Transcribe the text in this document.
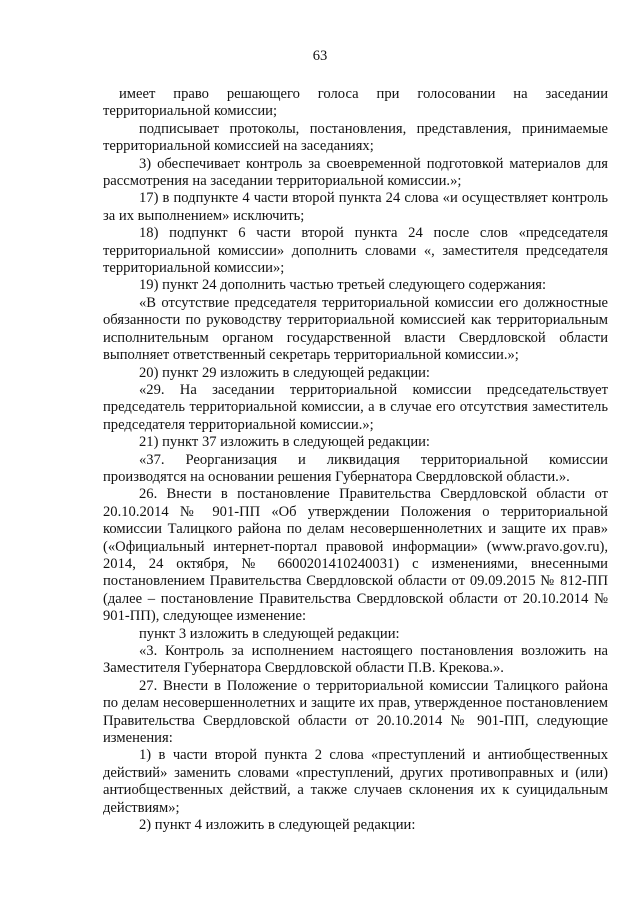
63

имеет право решающего голоса при голосовании на заседании территориальной комиссии;

подписывает протоколы, постановления, представления, принимаемые территориальной комиссией на заседаниях;

3) обеспечивает контроль за своевременной подготовкой материалов для рассмотрения на заседании территориальной комиссии.»;

17) в подпункте 4 части второй пункта 24 слова «и осуществляет контроль за их выполнением» исключить;

18) подпункт 6 части второй пункта 24 после слов «председателя территориальной комиссии» дополнить словами «, заместителя председателя территориальной комиссии»;

19) пункт 24 дополнить частью третьей следующего содержания:

«В отсутствие председателя территориальной комиссии его должностные обязанности по руководству территориальной комиссией как территориальным исполнительным органом государственной власти Свердловской области выполняет ответственный секретарь территориальной комиссии.»;

20) пункт 29 изложить в следующей редакции:

«29. На заседании территориальной комиссии председательствует председатель территориальной комиссии, а в случае его отсутствия заместитель председателя территориальной комиссии.»;

21) пункт 37 изложить в следующей редакции:

«37. Реорганизация и ликвидация территориальной комиссии производятся на основании решения Губернатора Свердловской области.».

26. Внести в постановление Правительства Свердловской области от 20.10.2014 № 901-ПП «Об утверждении Положения о территориальной комиссии Талицкого района по делам несовершеннолетних и защите их прав» («Официальный интернет-портал правовой информации» (www.pravo.gov.ru), 2014, 24 октября, № 6600201410240031) с изменениями, внесенными постановлением Правительства Свердловской области от 09.09.2015 № 812-ПП (далее – постановление Правительства Свердловской области от 20.10.2014 № 901-ПП), следующее изменение:

пункт 3 изложить в следующей редакции:

«3. Контроль за исполнением настоящего постановления возложить на Заместителя Губернатора Свердловской области П.В. Крекова.».

27. Внести в Положение о территориальной комиссии Талицкого района по делам несовершеннолетних и защите их прав, утвержденное постановлением Правительства Свердловской области от 20.10.2014 № 901-ПП, следующие изменения:

1) в части второй пункта 2 слова «преступлений и антиобщественных действий» заменить словами «преступлений, других противоправных и (или) антиобщественных действий, а также случаев склонения их к суицидальным действиям»;

2) пункт 4 изложить в следующей редакции:
